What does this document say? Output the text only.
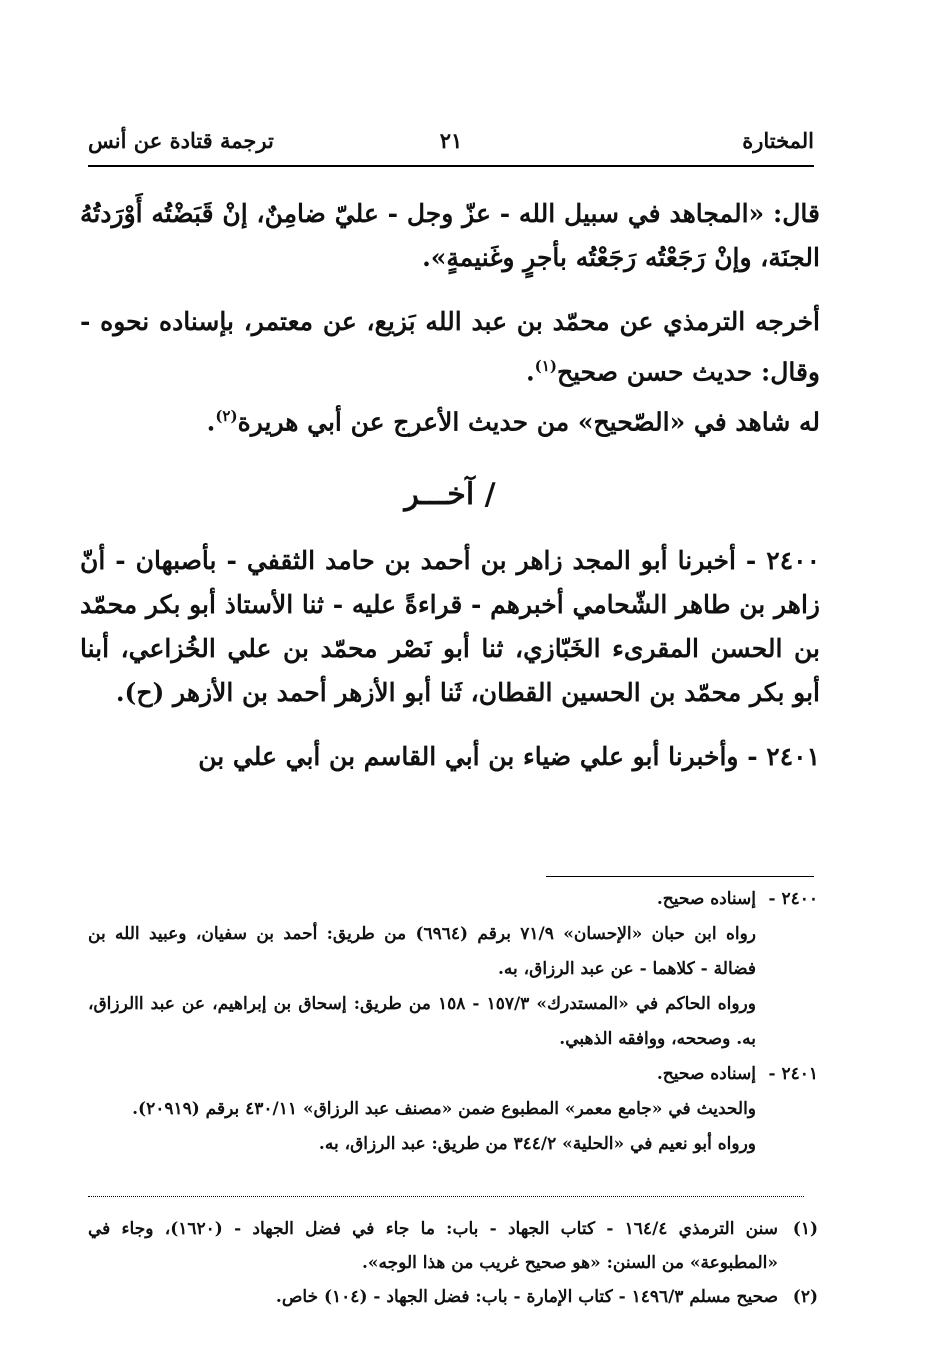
المختارة
٢١
ترجمة قتادة عن أنس

قال: «المجاهد في سبيل الله - عزّ وجل - عليّ ضامِنٌ، إنْ قَبَضْتُه أَوْرَدتُهُ الجنَة، وإنْ رَجَعْتُه رَجَعْتُه بأجرٍ وغَنيمةٍ».

أخرجه الترمذي عن محمّد بن عبد الله بَزيع، عن معتمر، بإسناده نحوه - وقال: حديث حسن صحيح$^{(١)}$.

له شاهد في «الصّحيح» من حديث الأعرج عن أبي هريرة$^{(٢)}$.

/ آخـــر

٢٤٠٠ - أخبرنا أبو المجد زاهر بن أحمد بن حامد الثقفي - بأصبهان - أنّ زاهر بن طاهر الشّحامي أخبرهم - قراءةً عليه - ثنا الأستاذ أبو بكر محمّد بن الحسن المقرىء الخَبّازي، ثنا أبو نَصْر محمّد بن علي الخُزاعي، أبنا أبو بكر محمّد بن الحسين القطان، ثَنا أبو الأزهر أحمد بن الأزهر (ح).

٢٤٠١ - وأخبرنا أبو علي ضياء بن أبي القاسم بن أبي علي بن

٢٤٠٠ -

إسناده صحيح.

رواه ابن حبان «الإحسان» ٧١/٩ برقم (٦٩٦٤) من طريق: أحمد بن سفيان، وعبيد الله بن فضالة - كلاهما - عن عبد الرزاق، به.

ورواه الحاكم في «المستدرك» ١٥٧/٣ - ١٥٨ من طريق: إسحاق بن إبراهيم، عن عبد االرزاق، به. وصححه، ووافقه الذهبي.

٢٤٠١ -

إسناده صحيح.

والحديث في «جامع معمر» المطبوع ضمن «مصنف عبد الرزاق» ٤٣٠/١١ برقم (٢٠٩١٩).

ورواه أبو نعيم في «الحلية» ٣٤٤/٢ من طريق: عبد الرزاق، به.

(١)

سنن الترمذي ١٦٤/٤ - كتاب الجهاد - باب: ما جاء في فضل الجهاد - (١٦٢٠)، وجاء في «المطبوعة» من السنن: «هو صحيح غريب من هذا الوجه».

(٢)

صحيح مسلم ١٤٩٦/٣ - كتاب الإمارة - باب: فضل الجهاد - (١٠٤) خاص.
